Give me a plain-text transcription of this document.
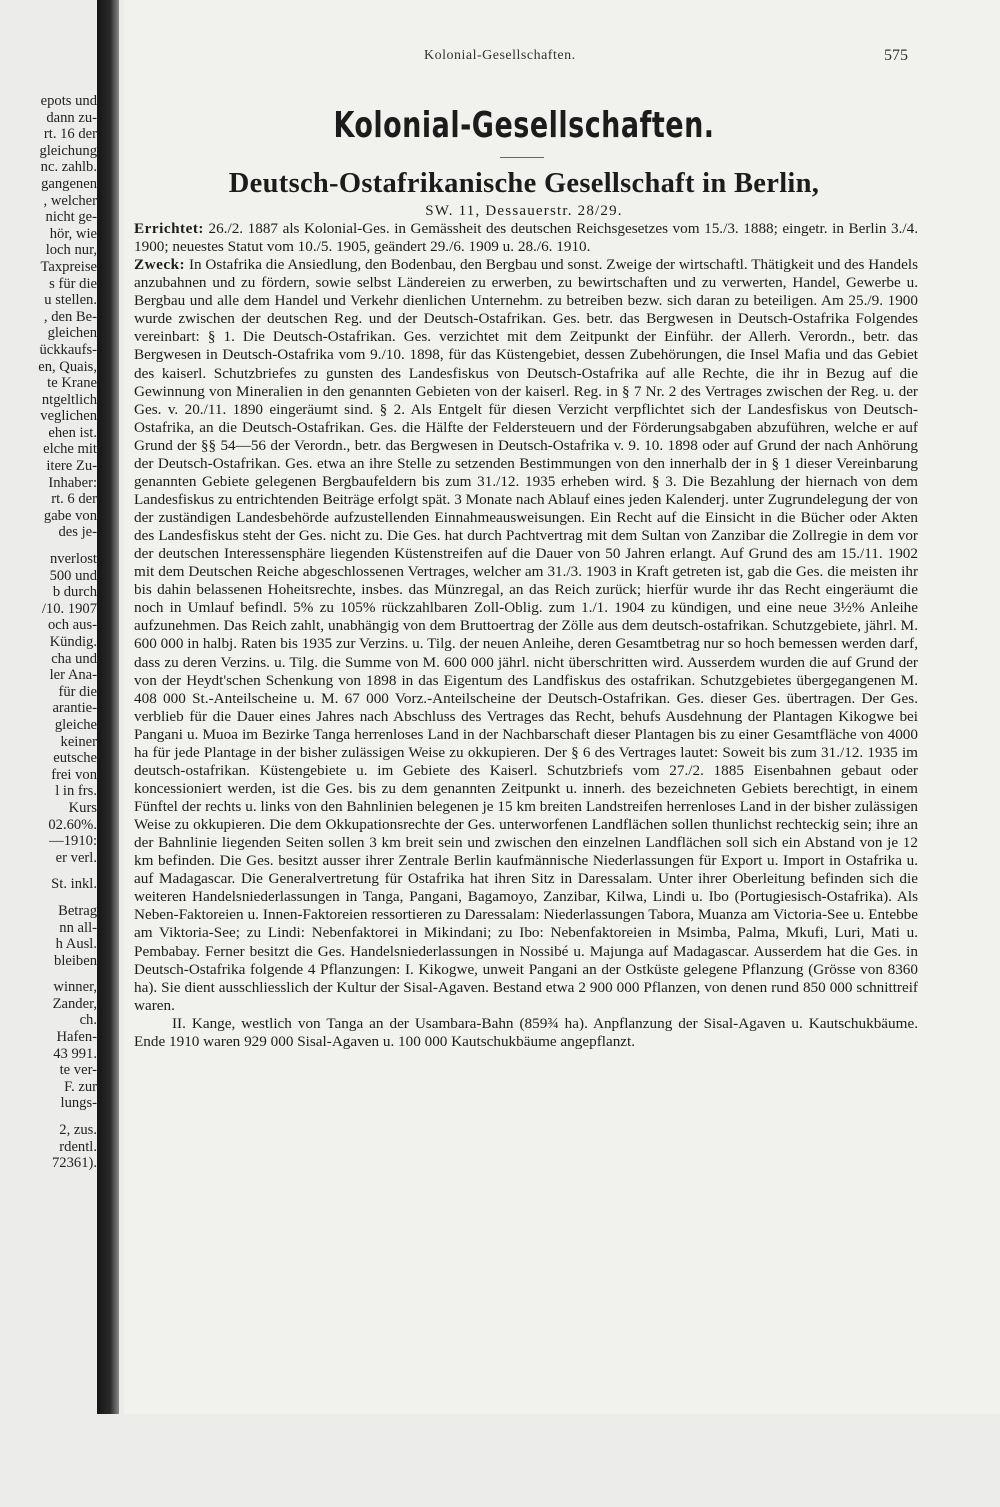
epots und
dann zu-
rt. 16 der
gleichung
nc. zahlb.
gangenen
, welcher
nicht ge-
hör, wie
loch nur,
Taxpreise
s für die
u stellen.
, den Be-
gleichen
ückkaufs-
en, Quais,
te Krane
ntgeltlich
veglichen
ehen ist.
elche mit
itere Zu-
Inhaber:
rt. 6 der
gabe von
des je-
nverlost
500 und
b durch
/10. 1907
och aus-
Kündig.
cha und
ler Ana-
für die
arantie-
gleiche
keiner
eutsche
frei von
l in frs.
Kurs
02.60%.
—1910:
er verl.
St. inkl.
Betrag
nn all-
h Ausl.
bleiben
winner,
Zander,
ch.
Hafen-
43 991.
te ver-
F. zur
lungs-
2, zus.
rdentl.
72361).
Kolonial-Gesellschaften.	575
Kolonial-Gesellschaften.
Deutsch-Ostafrikanische Gesellschaft in Berlin,
SW. 11, Dessauerstr. 28/29.

Errichtet: 26./2. 1887 als Kolonial-Ges. in Gemässheit des deutschen Reichsgesetzes vom 15./3. 1888; eingetr. in Berlin 3./4. 1900; neuestes Statut vom 10./5. 1905, geändert 29./6. 1909 u. 28./6. 1910.

Zweck: In Ostafrika die Ansiedlung, den Bodenbau, den Bergbau und sonst. Zweige der wirtschaftl. Thätigkeit und des Handels anzubahnen und zu fördern, sowie selbst Ländereien zu erwerben, zu bewirtschaften und zu verwerten, Handel, Gewerbe u. Bergbau und alle dem Handel und Verkehr dienlichen Unternehm. zu betreiben bezw. sich daran zu beteiligen. Am 25./9. 1900 wurde zwischen der deutschen Reg. und der Deutsch-Ostafrikan. Ges. betr. das Bergwesen in Deutsch-Ostafrika Folgendes vereinbart: § 1. Die Deutsch-Ostafrikan. Ges. verzichtet mit dem Zeitpunkt der Einführ. der Allerh. Verordn., betr. das Bergwesen in Deutsch-Ostafrika vom 9./10. 1898, für das Küstengebiet, dessen Zubehörungen, die Insel Mafia und das Gebiet des kaiserl. Schutzbriefes zu gunsten des Landesfiskus von Deutsch-Ostafrika auf alle Rechte, die ihr in Bezug auf die Gewinnung von Mineralien in den genannten Gebieten von der kaiserl. Reg. in § 7 Nr. 2 des Vertrages zwischen der Reg. u. der Ges. v. 20./11. 1890 eingeräumt sind. § 2. Als Entgelt für diesen Verzicht verpflichtet sich der Landesfiskus von Deutsch-Ostafrika, an die Deutsch-Ostafrikan. Ges. die Hälfte der Feldersteuern und der Förderungsabgaben abzuführen, welche er auf Grund der §§ 54—56 der Verordn., betr. das Bergwesen in Deutsch-Ostafrika v. 9. 10. 1898 oder auf Grund der nach Anhörung der Deutsch-Ostafrikan. Ges. etwa an ihre Stelle zu setzenden Bestimmungen von den innerhalb der in § 1 dieser Vereinbarung genannten Gebiete gelegenen Bergbaufeldern bis zum 31./12. 1935 erheben wird. § 3. Die Bezahlung der hiernach von dem Landesfiskus zu entrichtenden Beiträge erfolgt spät. 3 Monate nach Ablauf eines jeden Kalenderj. unter Zugrundelegung der von der zuständigen Landesbehörde aufzustellenden Einnahmeausweisungen. Ein Recht auf die Einsicht in die Bücher oder Akten des Landesfiskus steht der Ges. nicht zu. Die Ges. hat durch Pachtvertrag mit dem Sultan von Zanzibar die Zollregie in dem vor der deutschen Interessensphäre liegenden Küstenstreifen auf die Dauer von 50 Jahren erlangt. Auf Grund des am 15./11. 1902 mit dem Deutschen Reiche abgeschlossenen Vertrages, welcher am 31./3. 1903 in Kraft getreten ist, gab die Ges. die meisten ihr bis dahin belassenen Hoheitsrechte, insbes. das Münzregal, an das Reich zurück; hierfür wurde ihr das Recht eingeräumt die noch in Umlauf befindl. 5% zu 105% rückzahlbaren Zoll-Oblig. zum 1./1. 1904 zu kündigen, und eine neue 3½% Anleihe aufzunehmen. Das Reich zahlt, unabhängig von dem Bruttoertrag der Zölle aus dem deutsch-ostafrikan. Schutzgebiete, jährl. M. 600 000 in halbj. Raten bis 1935 zur Verzins. u. Tilg. der neuen Anleihe, deren Gesamtbetrag nur so hoch bemessen werden darf, dass zu deren Verzins. u. Tilg. die Summe von M. 600 000 jährl. nicht überschritten wird. Ausserdem wurden die auf Grund der von der Heydt'schen Schenkung von 1898 in das Eigentum des Landfiskus des ostafrikan. Schutzgebietes übergegangenen M. 408 000 St.-Anteilscheine u. M. 67 000 Vorz.-Anteilscheine der Deutsch-Ostafrikan. Ges. dieser Ges. übertragen. Der Ges. verblieb für die Dauer eines Jahres nach Abschluss des Vertrages das Recht, behufs Ausdehnung der Plantagen Kikogwe bei Pangani u. Muoa im Bezirke Tanga herrenloses Land in der Nachbarschaft dieser Plantagen bis zu einer Gesamtfläche von 4000 ha für jede Plantage in der bisher zulässigen Weise zu okkupieren. Der § 6 des Vertrages lautet: Soweit bis zum 31./12. 1935 im deutsch-ostafrikan. Küstengebiete u. im Gebiete des Kaiserl. Schutzbriefs vom 27./2. 1885 Eisenbahnen gebaut oder koncessioniert werden, ist die Ges. bis zu dem genannten Zeitpunkt u. innerh. des bezeichneten Gebiets berechtigt, in einem Fünftel der rechts u. links von den Bahnlinien belegenen je 15 km breiten Landstreifen herrenloses Land in der bisher zulässigen Weise zu okkupieren. Die dem Okkupationsrechte der Ges. unterworfenen Landflächen sollen thunlichst rechteckig sein; ihre an der Bahnlinie liegenden Seiten sollen 3 km breit sein und zwischen den einzelnen Landflächen soll sich ein Abstand von je 12 km befinden. Die Ges. besitzt ausser ihrer Zentrale Berlin kaufmännische Niederlassungen für Export u. Import in Ostafrika u. auf Madagascar. Die Generalvertretung für Ostafrika hat ihren Sitz in Daressalam. Unter ihrer Oberleitung befinden sich die weiteren Handelsniederlassungen in Tanga, Pangani, Bagamoyo, Zanzibar, Kilwa, Lindi u. Ibo (Portugiesisch-Ostafrika). Als Neben-Faktoreien u. Innen-Faktoreien ressortieren zu Daressalam: Niederlassungen Tabora, Muanza am Victoria-See u. Entebbe am Viktoria-See; zu Lindi: Nebenfaktorei in Mikindani; zu Ibo: Nebenfaktoreien in Msimba, Palma, Mkufi, Luri, Mati u. Pembabay. Ferner besitzt die Ges. Handelsniederlassungen in Nossibé u. Majunga auf Madagascar. Ausserdem hat die Ges. in Deutsch-Ostafrika folgende 4 Pflanzungen: I. Kikogwe, unweit Pangani an der Ostküste gelegene Pflanzung (Grösse von 8360 ha). Sie dient ausschliesslich der Kultur der Sisal-Agaven. Bestand etwa 2 900 000 Pflanzen, von denen rund 850 000 schnittreif waren.

II. Kange, westlich von Tanga an der Usambara-Bahn (859¾ ha). Anpflanzung der Sisal-Agaven u. Kautschukbäume. Ende 1910 waren 929 000 Sisal-Agaven u. 100 000 Kautschukbäume angepflanzt.
